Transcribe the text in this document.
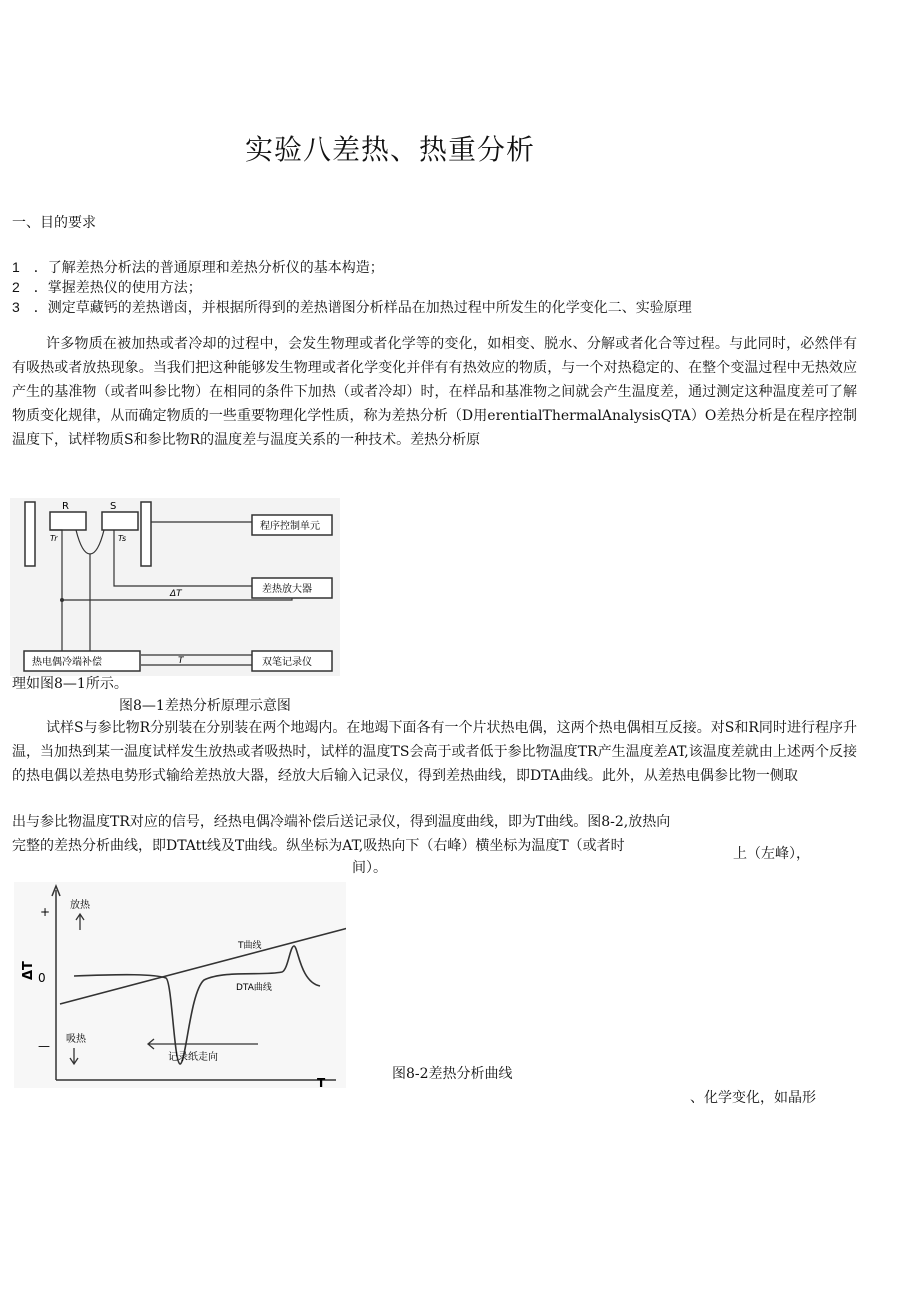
实验八差热、热重分析
一、目的要求
1 ．了解差热分析法的普通原理和差热分析仪的基本构造；
2 ．掌握差热仪的使用方法；
3 ．测定草藏钙的差热谱卤，并根据所得到的差热谱图分析样品在加热过程中所发生的化学变化二、实验原理
许多物质在被加热或者冷却的过程中，会发生物理或者化学等的变化，如相变、脱水、分解或者化合等过程。与此同时，必然伴有有吸热或者放热现象。当我们把这种能够发生物理或者化学变化并伴有有热效应的物质，与一个对热稳定的、在整个变温过程中无热效应产生的基准物（或者叫参比物）在相同的条件下加热（或者冷却）时，在样品和基准物之间就会产生温度差，通过测定这种温度差可了解物质变化规律，从而确定物质的一些重要物理化学性质，称为差热分析（D用erentialThermalAnalysisQTA）O差热分析是在程序控制温度下，试样物质S和参比物R的温度差与温度关系的一种技术。差热分析原
R	S
Tr	Ts
程序控制单元
差热放大器
双笔记录仪
热电偶冷端补偿
ΔT
T
理如图8—1所示。
图8—1差热分析原理示意图
试样S与参比物R分别装在分别装在两个地竭内。在地竭下面各有一个片状热电偶，这两个热电偶相互反接。对S和R同时进行程序升温，当加热到某一温度试样发生放热或者吸热时，试样的温度TS会高于或者低于参比物温度TR产生温度差AT,该温度差就由上述两个反接的热电偶以差热电势形式输给差热放大器，经放大后输入记录仪，得到差热曲线，即DTA曲线。此外，从差热电偶参比物一侧取
出与参比物温度TR对应的信号，经热电偶冷端补偿后送记录仪，得到温度曲线，即为T曲线。图8-2,放热向
完整的差热分析曲线，即DTAtt线及T曲线。纵坐标为AT,吸热向下（右峰）横坐标为温度T（或者时	上（左峰），
间）。
ΔT
+
0
—
放热
吸热
T曲线
DTA曲线
记录纸走向
T
图8-2差热分析曲线
、化学变化，如晶形
